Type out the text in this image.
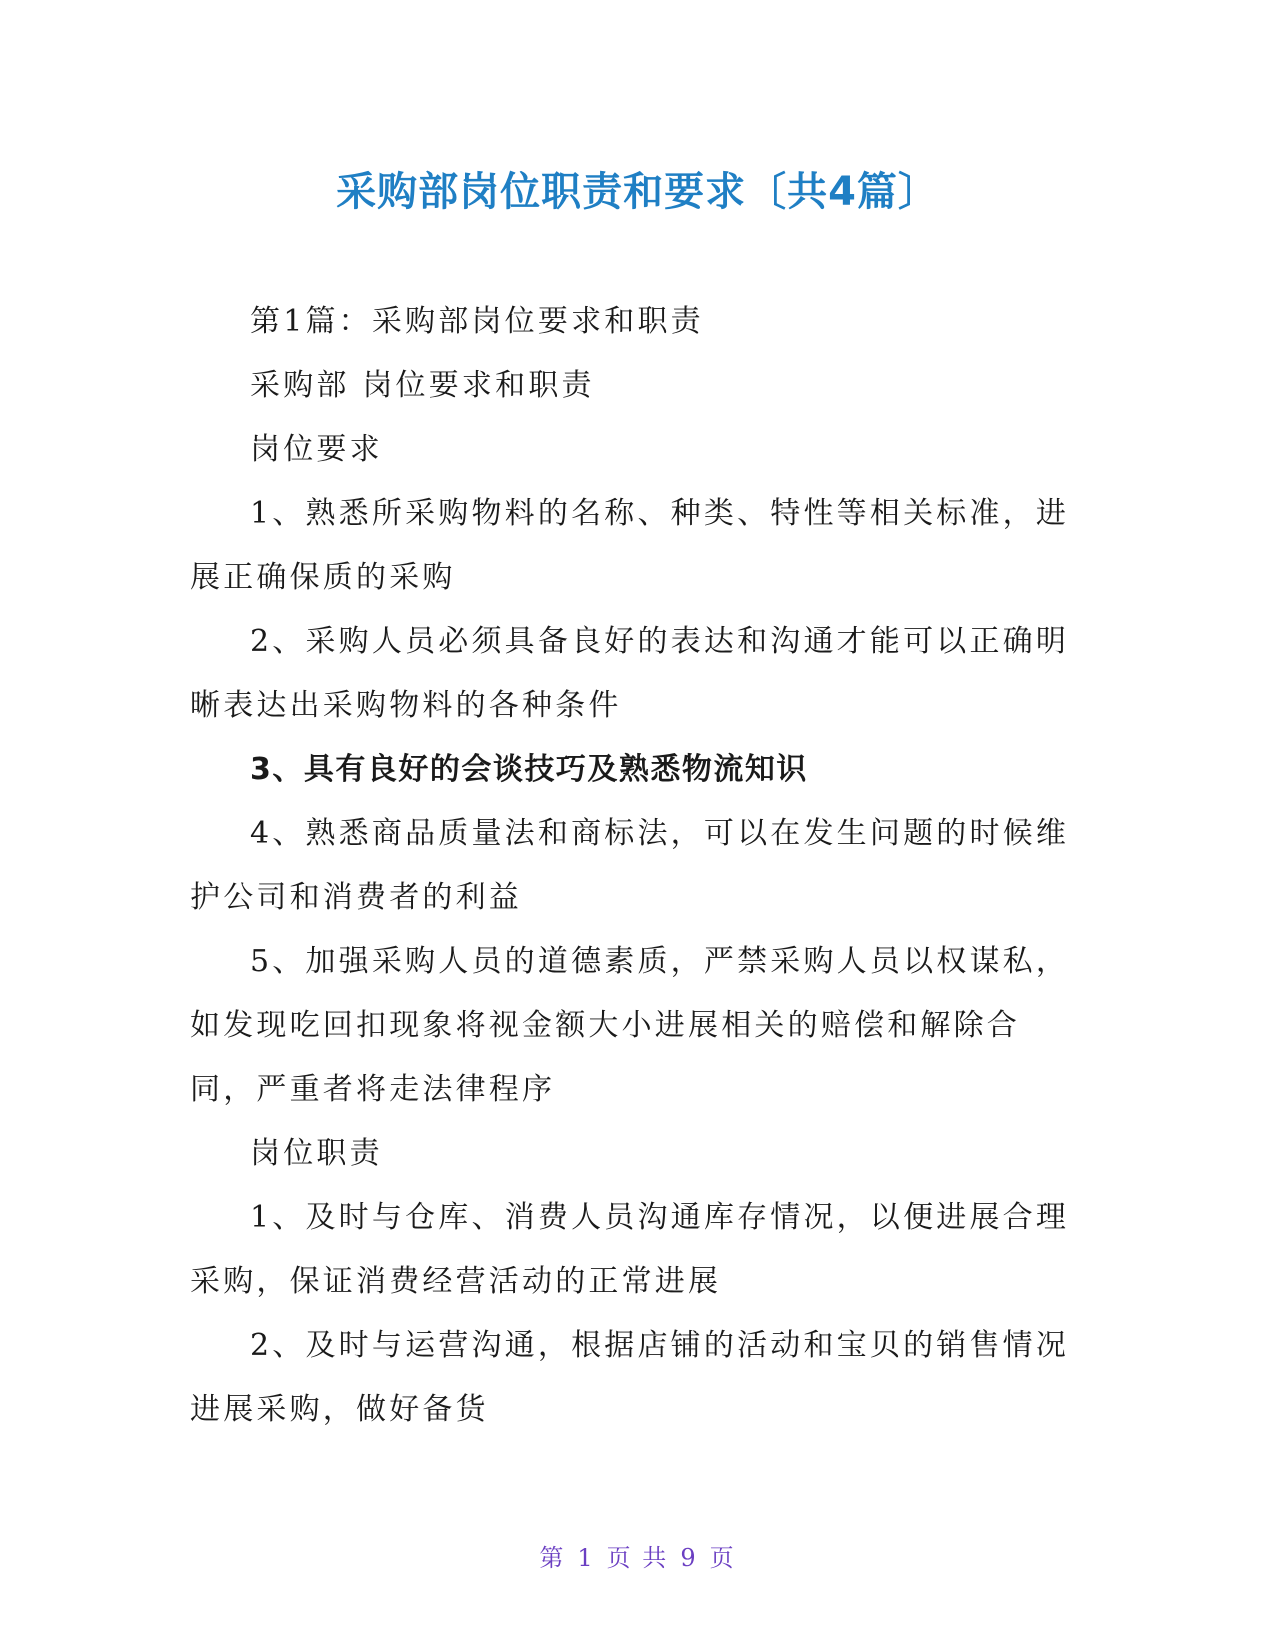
采购部岗位职责和要求〔共4篇〕

第1篇：采购部岗位要求和职责

采购部 岗位要求和职责

岗位要求

1、熟悉所采购物料的名称、种类、特性等相关标准，进展正确保质的采购

2、采购人员必须具备良好的表达和沟通才能可以正确明晰表达出采购物料的各种条件

3、具有良好的会谈技巧及熟悉物流知识

4、熟悉商品质量法和商标法，可以在发生问题的时候维护公司和消费者的利益

5、加强采购人员的道德素质，严禁采购人员以权谋私，如发现吃回扣现象将视金额大小进展相关的赔偿和解除合同，严重者将走法律程序

岗位职责

1、及时与仓库、消费人员沟通库存情况，以便进展合理采购，保证消费经营活动的正常进展

2、及时与运营沟通，根据店铺的活动和宝贝的销售情况进展采购，做好备货

第 1 页 共 9 页
